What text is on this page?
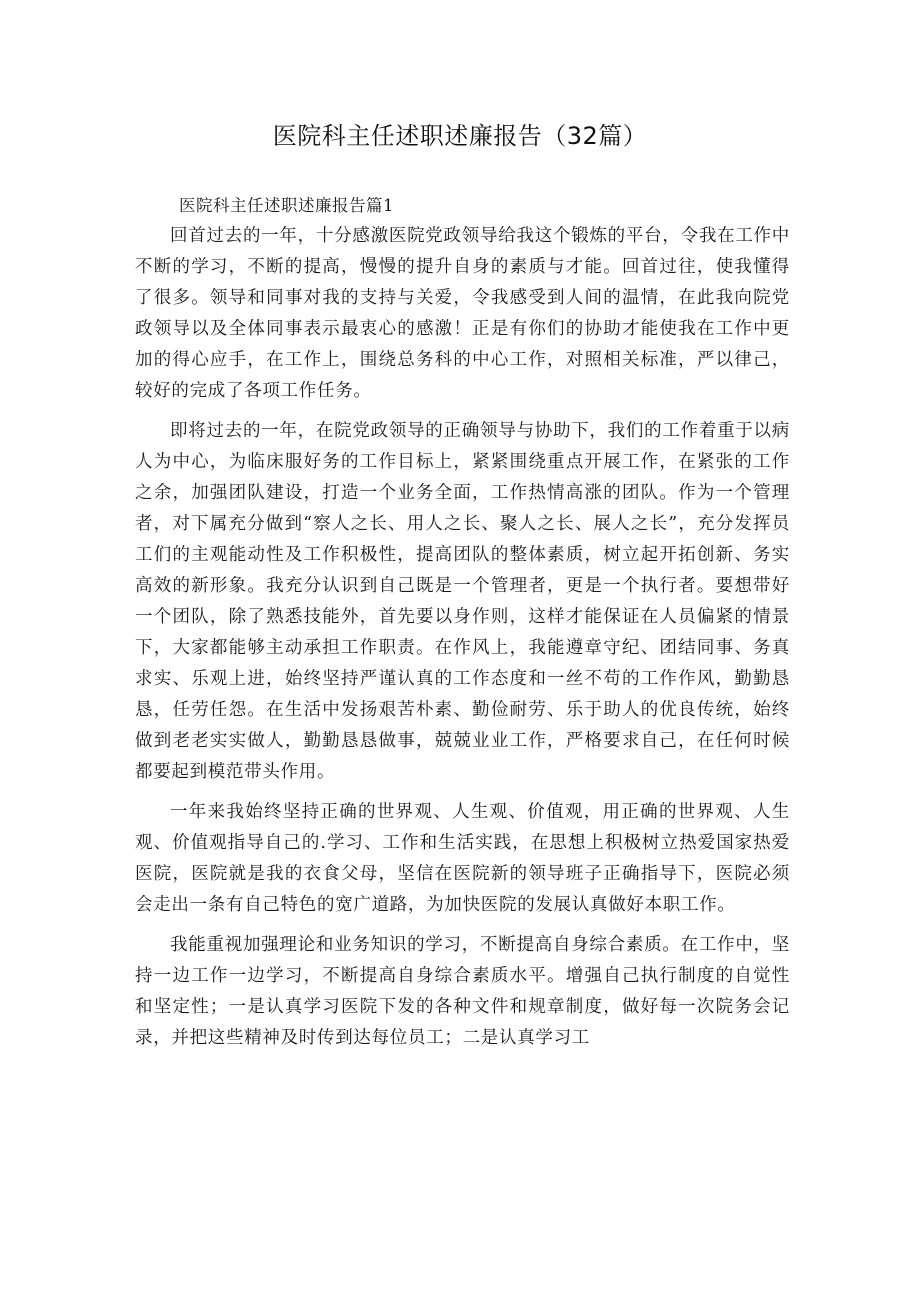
医院科主任述职述廉报告（32篇）

医院科主任述职述廉报告篇1

回首过去的一年，十分感激医院党政领导给我这个锻炼的平台，令我在工作中不断的学习，不断的提高，慢慢的提升自身的素质与才能。回首过往，使我懂得了很多。领导和同事对我的支持与关爱，令我感受到人间的温情，在此我向院党政领导以及全体同事表示最衷心的感激！正是有你们的协助才能使我在工作中更加的得心应手，在工作上，围绕总务科的中心工作，对照相关标准，严以律己，较好的完成了各项工作任务。

即将过去的一年，在院党政领导的正确领导与协助下，我们的工作着重于以病人为中心，为临床服好务的工作目标上，紧紧围绕重点开展工作，在紧张的工作之余，加强团队建设，打造一个业务全面，工作热情高涨的团队。作为一个管理者，对下属充分做到“察人之长、用人之长、聚人之长、展人之长”，充分发挥员工们的主观能动性及工作积极性，提高团队的整体素质，树立起开拓创新、务实高效的新形象。我充分认识到自己既是一个管理者，更是一个执行者。要想带好一个团队，除了熟悉技能外，首先要以身作则，这样才能保证在人员偏紧的情景下，大家都能够主动承担工作职责。在作风上，我能遵章守纪、团结同事、务真求实、乐观上进，始终坚持严谨认真的工作态度和一丝不苟的工作作风，勤勤恳恳，任劳任怨。在生活中发扬艰苦朴素、勤俭耐劳、乐于助人的优良传统，始终做到老老实实做人，勤勤恳恳做事，兢兢业业工作，严格要求自己，在任何时候都要起到模范带头作用。

一年来我始终坚持正确的世界观、人生观、价值观，用正确的世界观、人生观、价值观指导自己的.学习、工作和生活实践，在思想上积极树立热爱国家热爱医院，医院就是我的衣食父母，坚信在医院新的领导班子正确指导下，医院必须会走出一条有自己特色的宽广道路，为加快医院的发展认真做好本职工作。

我能重视加强理论和业务知识的学习，不断提高自身综合素质。在工作中，坚持一边工作一边学习，不断提高自身综合素质水平。增强自己执行制度的自觉性和坚定性；一是认真学习医院下发的各种文件和规章制度，做好每一次院务会记录，并把这些精神及时传到达每位员工；二是认真学习工
